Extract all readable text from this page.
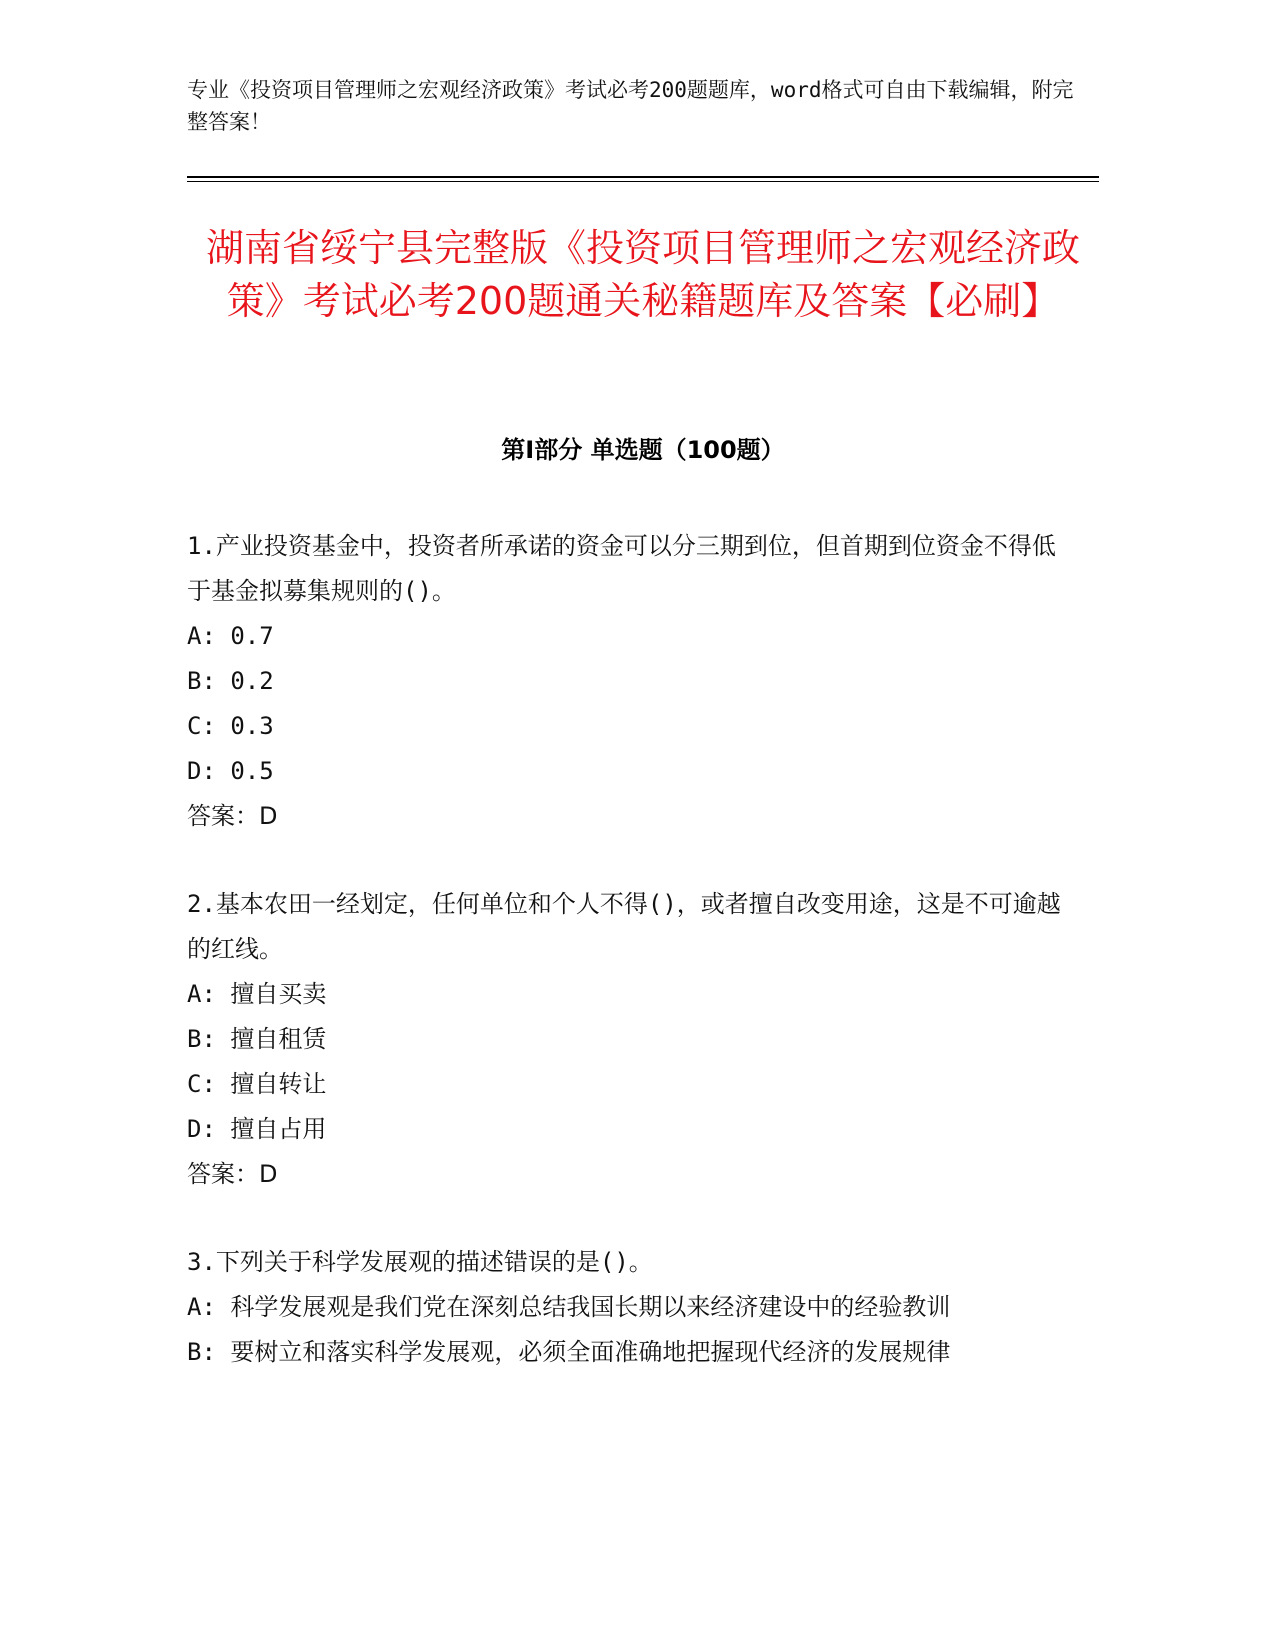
专业《投资项目管理师之宏观经济政策》考试必考200题题库，word格式可自由下载编辑，附完整答案！
湖南省绥宁县完整版《投资项目管理师之宏观经济政策》考试必考200题通关秘籍题库及答案【必刷】
第Ⅰ部分 单选题（100题）

1.产业投资基金中，投资者所承诺的资金可以分三期到位，但首期到位资金不得低于基金拟募集规则的()。

A: 0.7

B: 0.2

C: 0.3

D: 0.5

答案：D

2.基本农田一经划定，任何单位和个人不得()，或者擅自改变用途，这是不可逾越的红线。

A: 擅自买卖

B: 擅自租赁

C: 擅自转让

D: 擅自占用

答案：D

3.下列关于科学发展观的描述错误的是()。

A: 科学发展观是我们党在深刻总结我国长期以来经济建设中的经验教训

B: 要树立和落实科学发展观，必须全面准确地把握现代经济的发展规律
